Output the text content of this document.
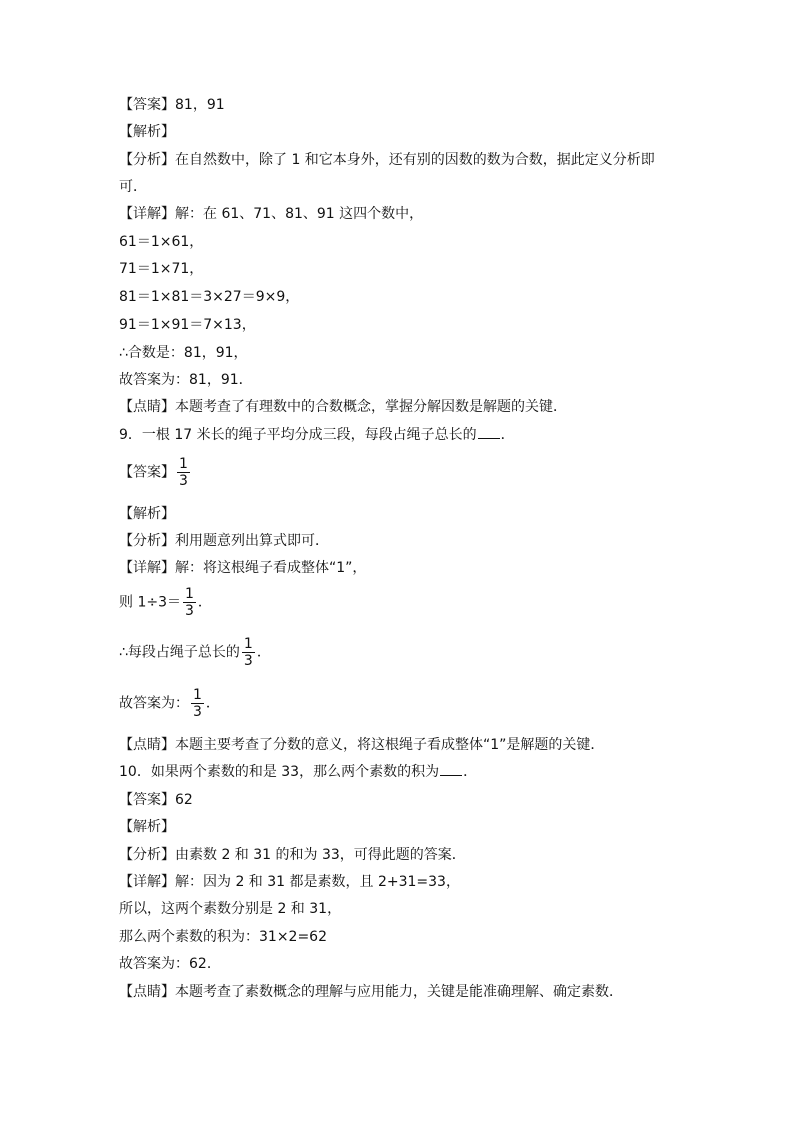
【答案】81，91
【解析】
【分析】在自然数中，除了 1 和它本身外，还有别的因数的数为合数，据此定义分析即
可．
【详解】解：在 61、71、81、91 这四个数中，
61＝1×61，
71＝1×71，
81＝1×81＝3×27＝9×9，
91＝1×91＝7×13，
∴合数是：81，91，
故答案为：81，91．
【点睛】本题考查了有理数中的合数概念，掌握分解因数是解题的关键．
9．一根 17 米长的绳子平均分成三段，每段占绳子总长的 ．
【答案】 $\frac{1}{3}$
【解析】
【分析】利用题意列出算式即可．
【详解】解：将这根绳子看成整体“1”，
则 $1\div 3= \frac{1}{3}$ ．
∴每段占绳子总长的 $\frac{1}{3}$ ．
故答案为： $\frac{1}{3}$ ．
【点睛】本题主要考查了分数的意义，将这根绳子看成整体“1”是解题的关键．
10．如果两个素数的和是 33，那么两个素数的积为 ．
【答案】62
【解析】
【分析】由素数 2 和 31 的和为 33，可得此题的答案．
【详解】解：因为 2 和 31 都是素数，且 2+31=33，
所以，这两个素数分别是 2 和 31，
那么两个素数的积为：31×2=62
故答案为：62．
【点睛】本题考查了素数概念的理解与应用能力，关键是能准确理解、确定素数．
